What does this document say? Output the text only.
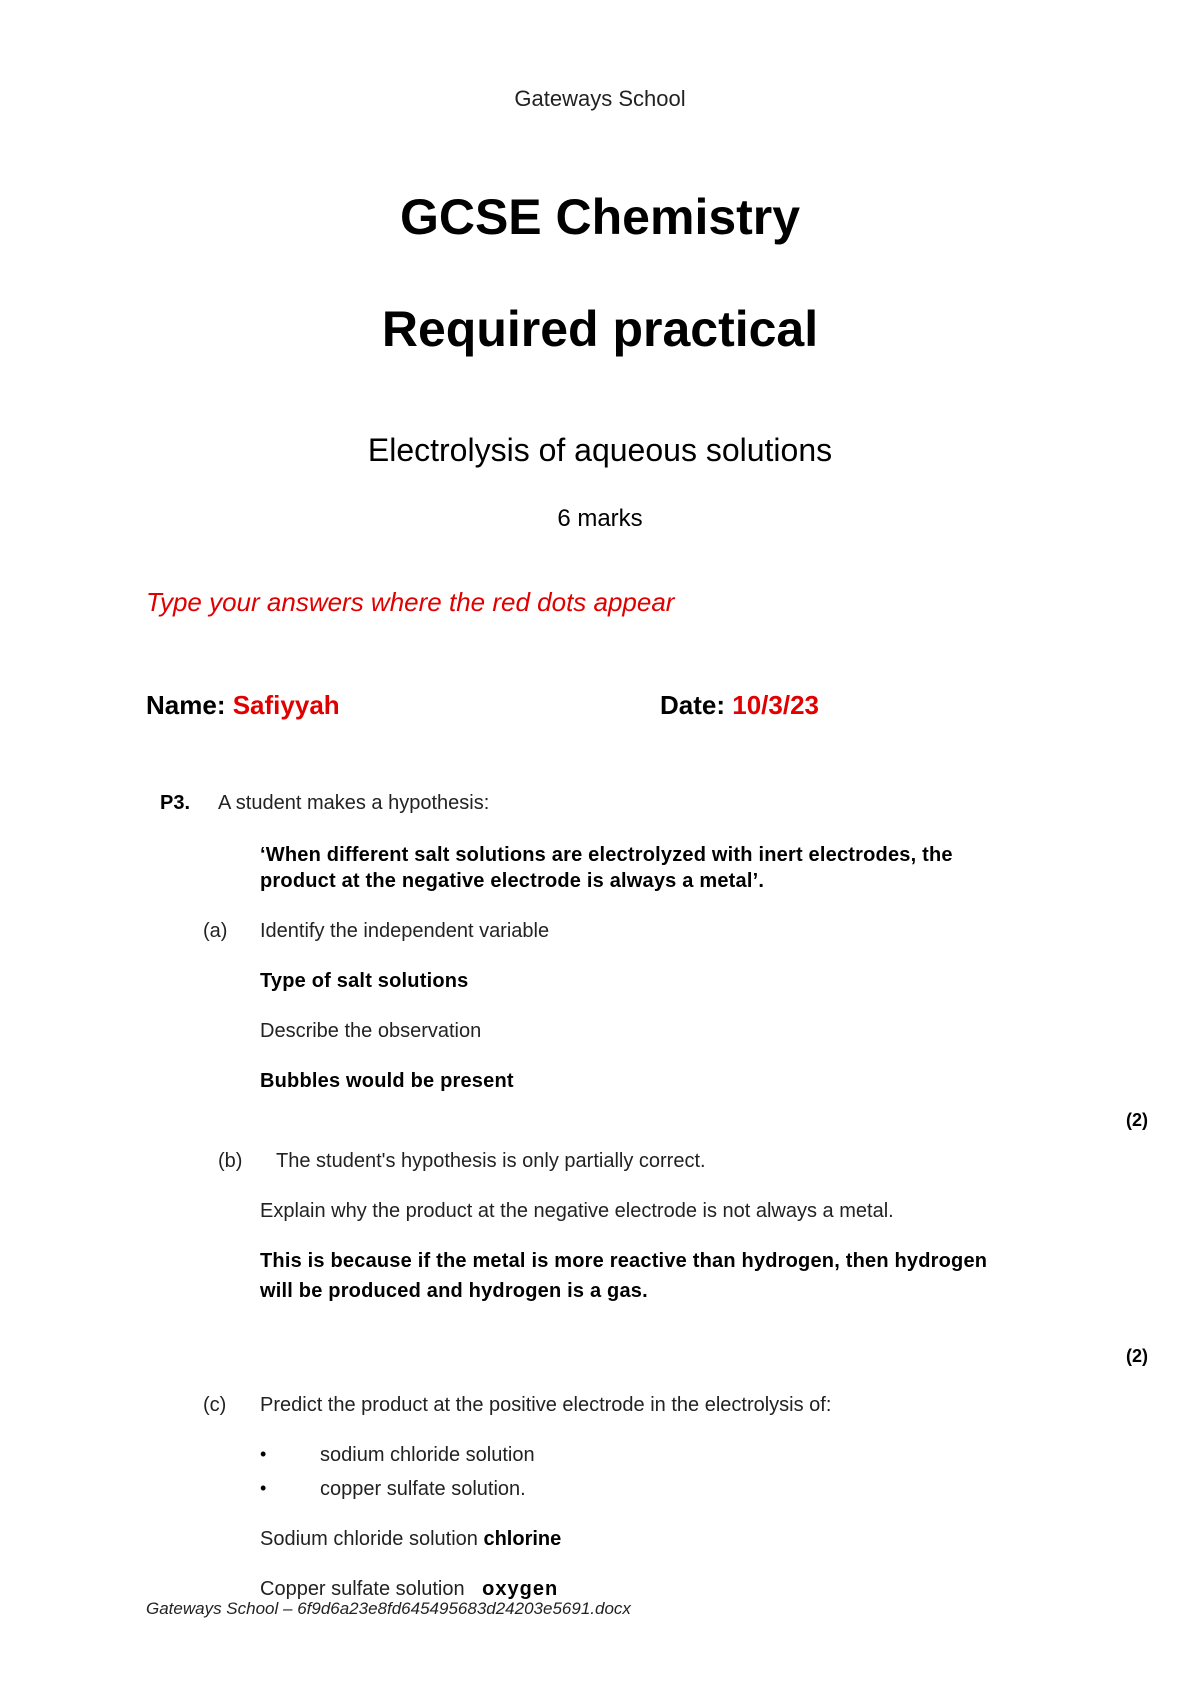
Gateways School
GCSE Chemistry
Required practical
Electrolysis of aqueous solutions
6 marks
Type your answers where the red dots appear
Name: Safiyyah	Date: 10/3/23
P3. A student makes a hypothesis:
‘When different salt solutions are electrolyzed with inert electrodes, the
product at the negative electrode is always a metal’.
(a) Identify the independent variable
Type of salt solutions
Describe the observation
Bubbles would be present
(2)
(b) The student's hypothesis is only partially correct.
Explain why the product at the negative electrode is not always a metal.
This is because if the metal is more reactive than hydrogen, then hydrogen
will be produced and hydrogen is a gas.
(2)
(c) Predict the product at the positive electrode in the electrolysis of:
•	sodium chloride solution
•	copper sulfate solution.
Sodium chloride solution chlorine
Copper sulfate solution oxygen
Gateways School – 6f9d6a23e8fd645495683d24203e5691.docx
